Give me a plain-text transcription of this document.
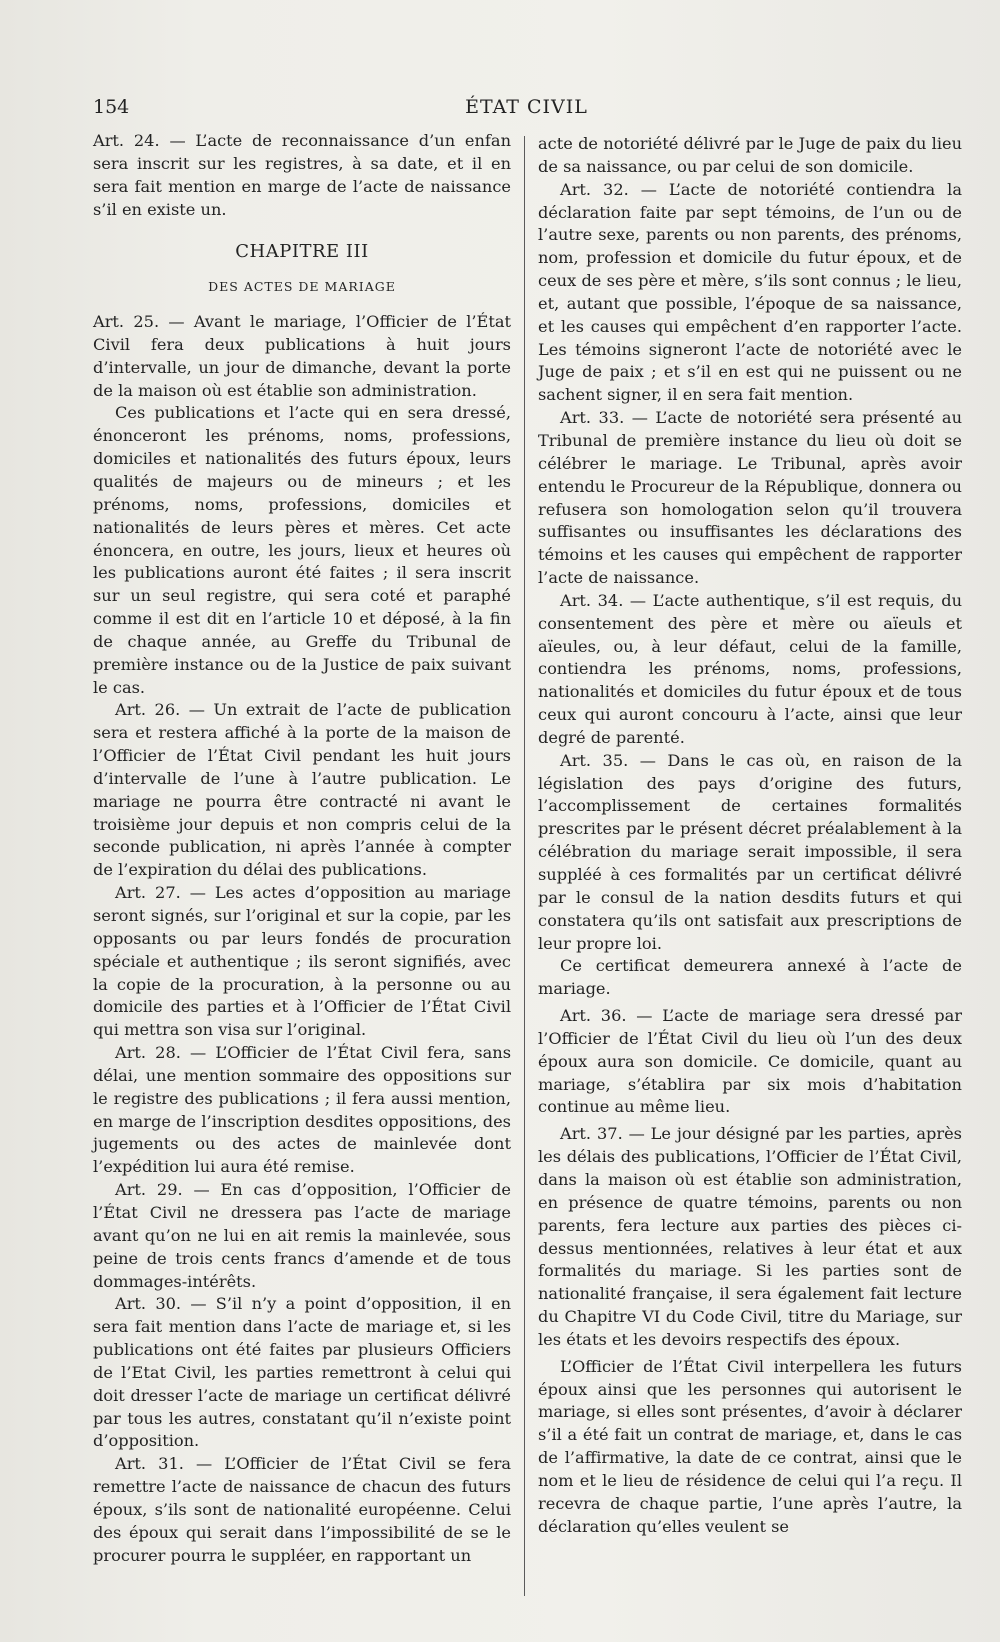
154	ÉTAT CIVIL

Art. 24. — L’acte de reconnaissance d’un enfan sera inscrit sur les registres, à sa date, et il en sera fait mention en marge de l’acte de naissance s’il en existe un.

CHAPITRE III
DES ACTES DE MARIAGE

Art. 25. — Avant le mariage, l’Officier de l’État Civil fera deux publications à huit jours d’intervalle, un jour de dimanche, devant la porte de la maison où est établie son administration.

Ces publications et l’acte qui en sera dressé, énonceront les prénoms, noms, professions, domiciles et nationalités des futurs époux, leurs qualités de majeurs ou de mineurs ; et les prénoms, noms, professions, domiciles et nationalités de leurs pères et mères. Cet acte énoncera, en outre, les jours, lieux et heures où les publications auront été faites ; il sera inscrit sur un seul registre, qui sera coté et paraphé comme il est dit en l’article 10 et déposé, à la fin de chaque année, au Greffe du Tribunal de première instance ou de la Justice de paix suivant le cas.

Art. 26. — Un extrait de l’acte de publication sera et restera affiché à la porte de la maison de l’Officier de l’État Civil pendant les huit jours d’intervalle de l’une à l’autre publication. Le mariage ne pourra être contracté ni avant le troisième jour depuis et non compris celui de la seconde publication, ni après l’année à compter de l’expiration du délai des publications.

Art. 27. — Les actes d’opposition au mariage seront signés, sur l’original et sur la copie, par les opposants ou par leurs fondés de procuration spéciale et authentique ; ils seront signifiés, avec la copie de la procuration, à la personne ou au domicile des parties et à l’Officier de l’État Civil qui mettra son visa sur l’original.

Art. 28. — L’Officier de l’État Civil fera, sans délai, une mention sommaire des oppositions sur le registre des publications ; il fera aussi mention, en marge de l’inscription desdites oppositions, des jugements ou des actes de mainlevée dont l’expédition lui aura été remise.

Art. 29. — En cas d’opposition, l’Officier de l’État Civil ne dressera pas l’acte de mariage avant qu’on ne lui en ait remis la mainlevée, sous peine de trois cents francs d’amende et de tous dommages-intérêts.

Art. 30. — S’il n’y a point d’opposition, il en sera fait mention dans l’acte de mariage et, si les publications ont été faites par plusieurs Officiers de l’Etat Civil, les parties remettront à celui qui doit dresser l’acte de mariage un certificat délivré par tous les autres, constatant qu’il n’existe point d’opposition.

Art. 31. — L’Officier de l’État Civil se fera remettre l’acte de naissance de chacun des futurs époux, s’ils sont de nationalité européenne. Celui des époux qui serait dans l’impossibilité de se le procurer pourra le suppléer, en rapportant un

acte de notoriété délivré par le Juge de paix du lieu de sa naissance, ou par celui de son domicile.

Art. 32. — L’acte de notoriété contiendra la déclaration faite par sept témoins, de l’un ou de l’autre sexe, parents ou non parents, des prénoms, nom, profession et domicile du futur époux, et de ceux de ses père et mère, s’ils sont connus ; le lieu, et, autant que possible, l’époque de sa naissance, et les causes qui empêchent d’en rapporter l’acte. Les témoins signeront l’acte de notoriété avec le Juge de paix ; et s’il en est qui ne puissent ou ne sachent signer, il en sera fait mention.

Art. 33. — L’acte de notoriété sera présenté au Tribunal de première instance du lieu où doit se célébrer le mariage. Le Tribunal, après avoir entendu le Procureur de la République, donnera ou refusera son homologation selon qu’il trouvera suffisantes ou insuffisantes les déclarations des témoins et les causes qui empêchent de rapporter l’acte de naissance.

Art. 34. — L’acte authentique, s’il est requis, du consentement des père et mère ou aïeuls et aïeules, ou, à leur défaut, celui de la famille, contiendra les prénoms, noms, professions, nationalités et domiciles du futur époux et de tous ceux qui auront concouru à l’acte, ainsi que leur degré de parenté.

Art. 35. — Dans le cas où, en raison de la législation des pays d’origine des futurs, l’accomplissement de certaines formalités prescrites par le présent décret préalablement à la célébration du mariage serait impossible, il sera suppléé à ces formalités par un certificat délivré par le consul de la nation desdits futurs et qui constatera qu’ils ont satisfait aux prescriptions de leur propre loi.

Ce certificat demeurera annexé à l’acte de mariage.

Art. 36. — L’acte de mariage sera dressé par l’Officier de l’État Civil du lieu où l’un des deux époux aura son domicile. Ce domicile, quant au mariage, s’établira par six mois d’habitation continue au même lieu.

Art. 37. — Le jour désigné par les parties, après les délais des publications, l’Officier de l’État Civil, dans la maison où est établie son administration, en présence de quatre témoins, parents ou non parents, fera lecture aux parties des pièces ci-dessus mentionnées, relatives à leur état et aux formalités du mariage. Si les parties sont de nationalité française, il sera également fait lecture du Chapitre VI du Code Civil, titre du Mariage, sur les états et les devoirs respectifs des époux.

L’Officier de l’État Civil interpellera les futurs époux ainsi que les personnes qui autorisent le mariage, si elles sont présentes, d’avoir à déclarer s’il a été fait un contrat de mariage, et, dans le cas de l’affirmative, la date de ce contrat, ainsi que le nom et le lieu de résidence de celui qui l’a reçu. Il recevra de chaque partie, l’une après l’autre, la déclaration qu’elles veulent se
